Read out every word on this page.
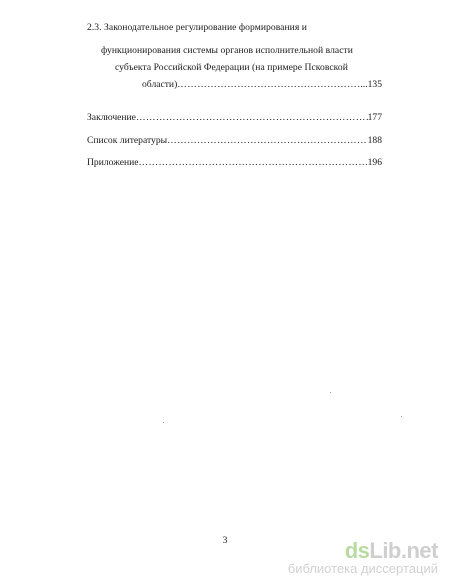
2.3. Законодательное регулирование формирования и
функционирования системы органов исполнительной власти
субъекта Российской Федерации (на примере Псковской
области) ……………………………………………………………………………………………………………………………………………	...135
Заключение ……………………………………………………………………………………………………………………………………………	177
Список литературы ……………………………………………………………………………………………………………………………………………	188
Приложение ……………………………………………………………………………………………………………………………………………	196
3	dsLib.net
библиотека диссертаций
